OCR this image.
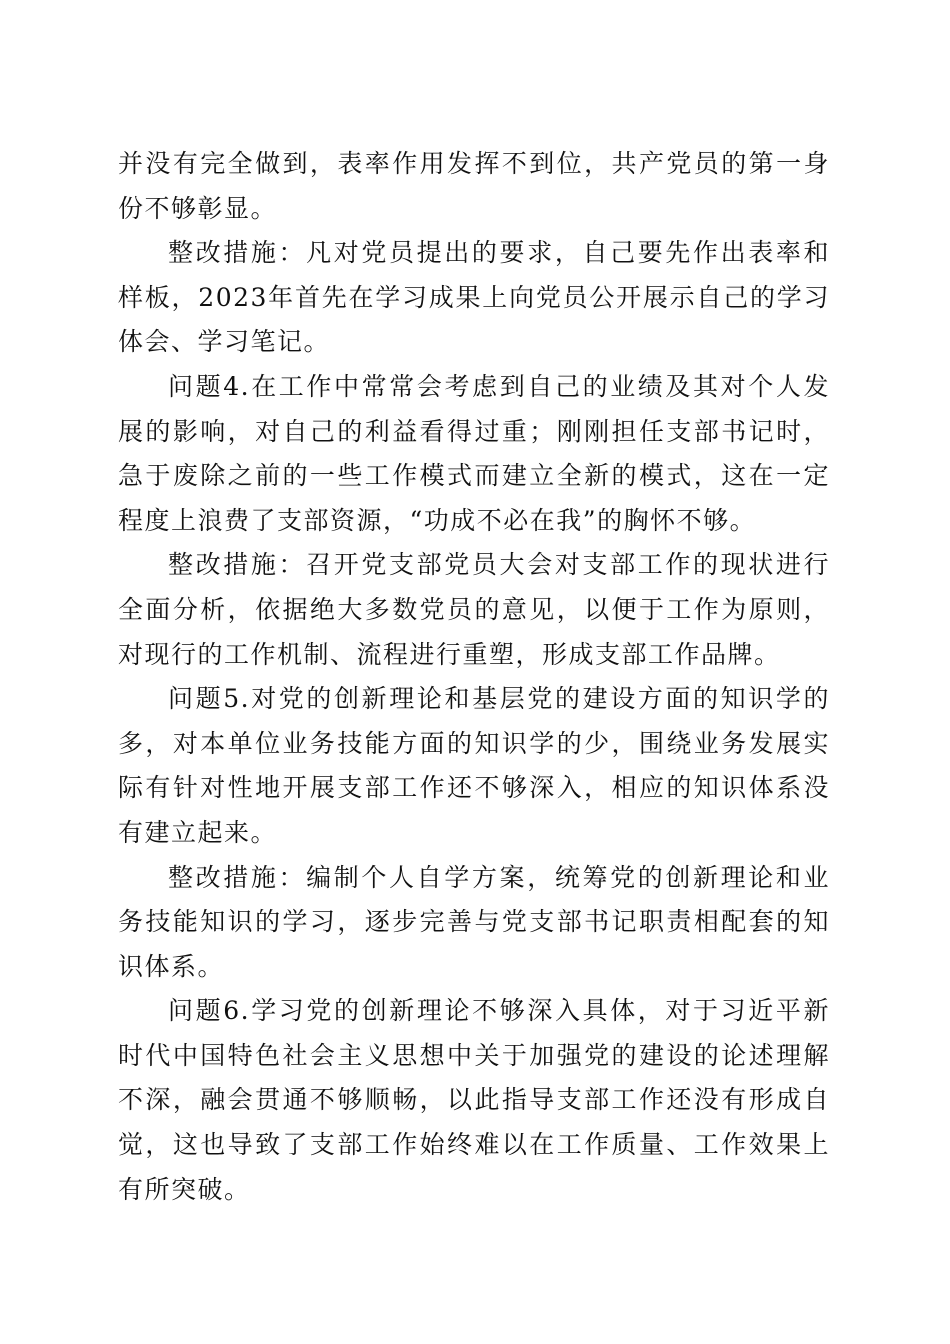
并没有完全做到，表率作用发挥不到位，共产党员的第一身份不够彰显。

整改措施：凡对党员提出的要求，自己要先作出表率和样板，2023年首先在学习成果上向党员公开展示自己的学习体会、学习笔记。

问题4.在工作中常常会考虑到自己的业绩及其对个人发展的影响，对自己的利益看得过重；刚刚担任支部书记时，急于废除之前的一些工作模式而建立全新的模式，这在一定程度上浪费了支部资源，“功成不必在我”的胸怀不够。

整改措施：召开党支部党员大会对支部工作的现状进行全面分析，依据绝大多数党员的意见，以便于工作为原则，对现行的工作机制、流程进行重塑，形成支部工作品牌。

问题5.对党的创新理论和基层党的建设方面的知识学的多，对本单位业务技能方面的知识学的少，围绕业务发展实际有针对性地开展支部工作还不够深入，相应的知识体系没有建立起来。

整改措施：编制个人自学方案，统筹党的创新理论和业务技能知识的学习，逐步完善与党支部书记职责相配套的知识体系。

问题6.学习党的创新理论不够深入具体，对于习近平新时代中国特色社会主义思想中关于加强党的建设的论述理解不深，融会贯通不够顺畅，以此指导支部工作还没有形成自觉，这也导致了支部工作始终难以在工作质量、工作效果上有所突破。
